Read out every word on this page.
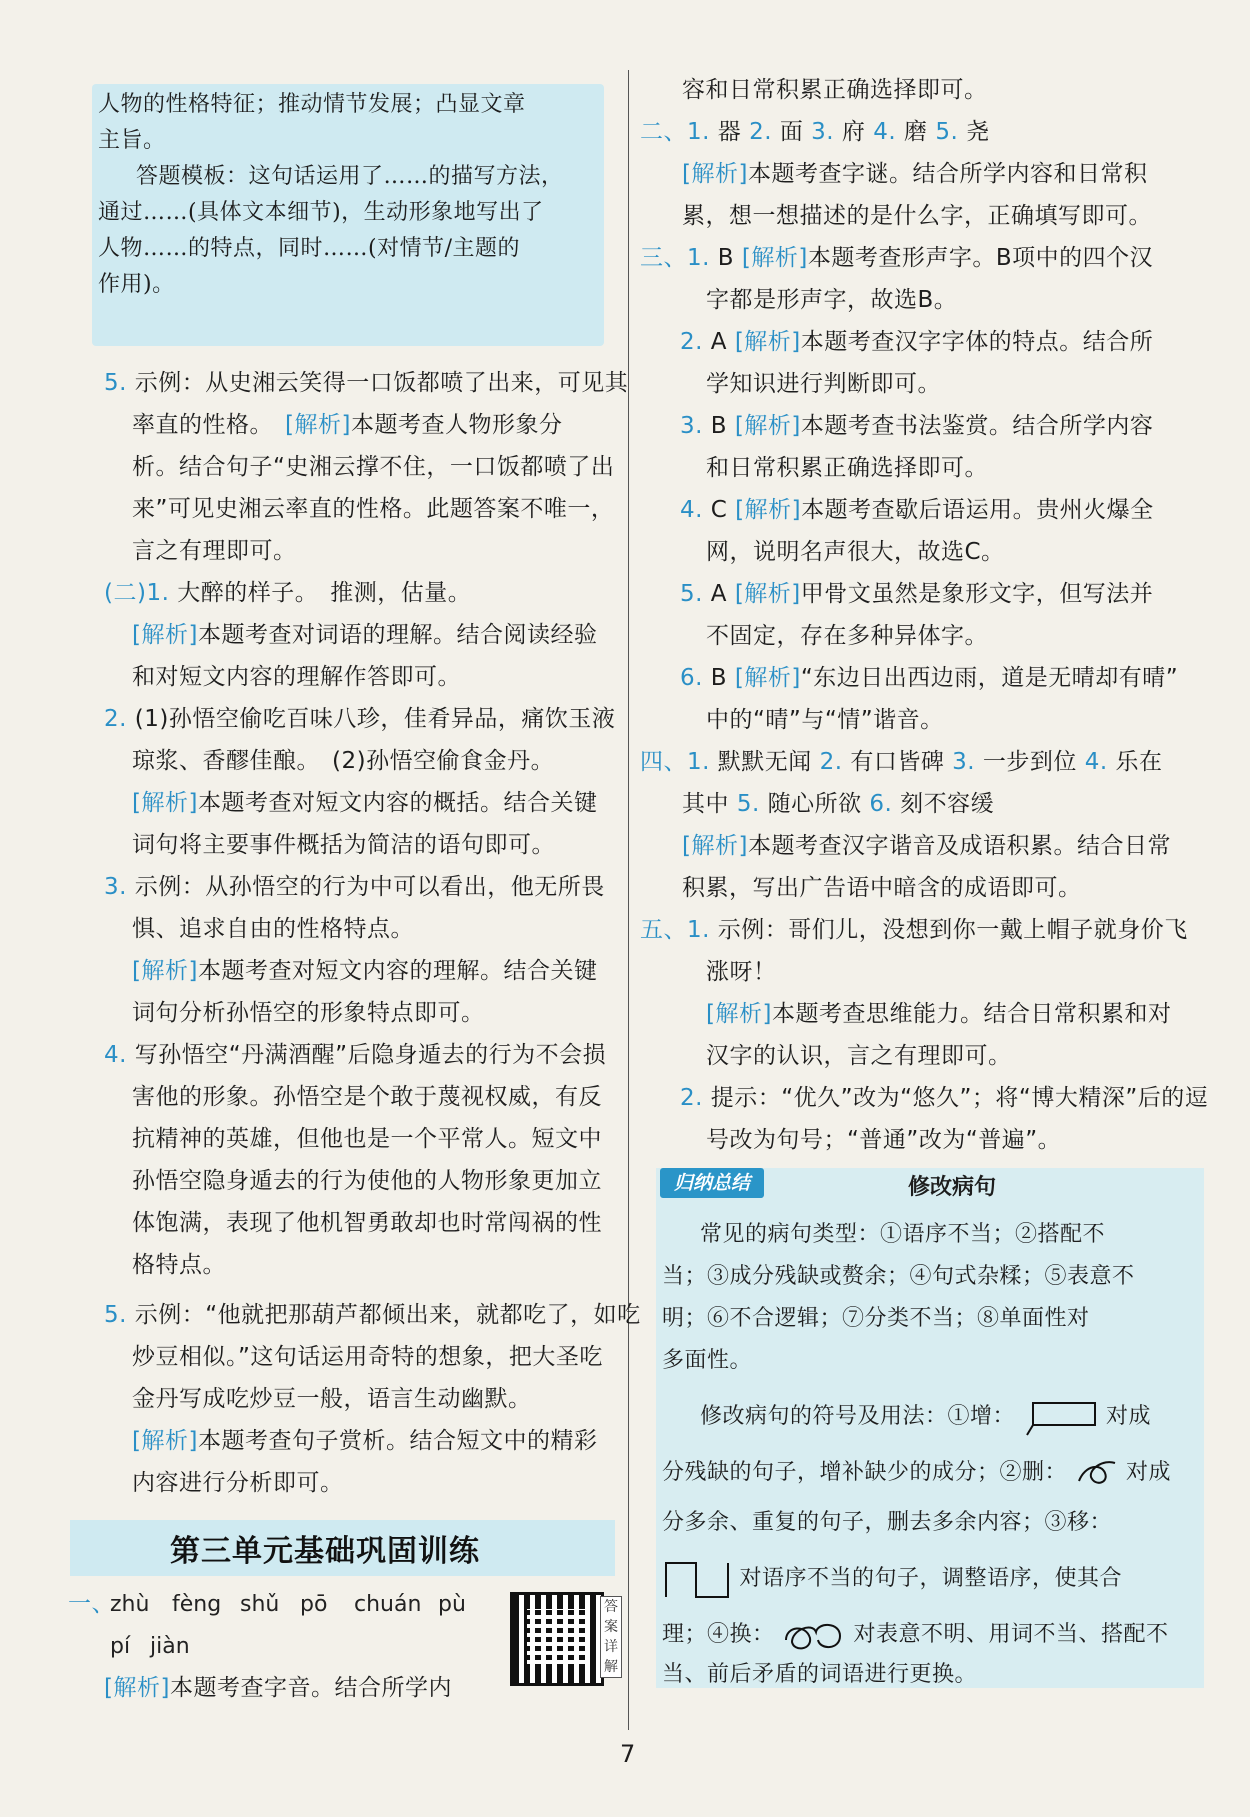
人物的性格特征；推动情节发展；凸显文章

主旨。

答题模板：这句话运用了……的描写方法，

通过……(具体文本细节)，生动形象地写出了

人物……的特点，同时……(对情节/主题的

作用)。

5. 示例：从史湘云笑得一口饭都喷了出来，可见其

率直的性格。　 [解析]本题考查人物形象分

析。结合句子“史湘云撑不住，一口饭都喷了出

来”可见史湘云率直的性格。此题答案不唯一，

言之有理即可。

(二)1. 大醉的样子。　推测，估量。

[解析]本题考查对词语的理解。结合阅读经验

和对短文内容的理解作答即可。

2. (1)孙悟空偷吃百味八珍，佳肴异品，痛饮玉液

琼浆、香醪佳酿。　(2)孙悟空偷食金丹。

[解析]本题考查对短文内容的概括。结合关键

词句将主要事件概括为简洁的语句即可。

3. 示例：从孙悟空的行为中可以看出，他无所畏

惧、追求自由的性格特点。

[解析]本题考查对短文内容的理解。结合关键

词句分析孙悟空的形象特点即可。

4. 写孙悟空“丹满酒醒”后隐身遁去的行为不会损

害他的形象。孙悟空是个敢于蔑视权威，有反

抗精神的英雄，但他也是一个平常人。短文中

孙悟空隐身遁去的行为使他的人物形象更加立

体饱满，表现了他机智勇敢却也时常闯祸的性

格特点。

5. 示例：“他就把那葫芦都倾出来，就都吃了，如吃

炒豆相似。”这句话运用奇特的想象，把大圣吃

金丹写成吃炒豆一般，语言生动幽默。

[解析]本题考查句子赏析。结合短文中的精彩

内容进行分析即可。

第三单元基础巩固训练
一、
zhù fèng shǔ pō chuán pù
pí jiàn

[解析]本题考查字音。结合所学内

答
案
详
解

容和日常积累正确选择即可。

二、1. 器 2. 面 3. 府 4. 磨 5. 尧

[解析]本题考查字谜。结合所学内容和日常积

累，想一想描述的是什么字，正确填写即可。

三、1. B [解析]本题考查形声字。B项中的四个汉

字都是形声字，故选B。

2. A [解析]本题考查汉字字体的特点。结合所

学知识进行判断即可。

3. B [解析]本题考查书法鉴赏。结合所学内容

和日常积累正确选择即可。

4. C [解析]本题考查歇后语运用。贵州火爆全

网，说明名声很大，故选C。

5. A [解析]甲骨文虽然是象形文字，但写法并

不固定，存在多种异体字。

6. B [解析]“东边日出西边雨，道是无晴却有晴”

中的“晴”与“情”谐音。

四、1. 默默无闻 2. 有口皆碑 3. 一步到位 4. 乐在

其中 5. 随心所欲 6. 刻不容缓

[解析]本题考查汉字谐音及成语积累。结合日常

积累，写出广告语中暗含的成语即可。

五、1. 示例：哥们儿，没想到你一戴上帽子就身价飞

涨呀！

[解析]本题考查思维能力。结合日常积累和对

汉字的认识，言之有理即可。

2. 提示：“优久”改为“悠久”；将“博大精深”后的逗

号改为句号；“普通”改为“普遍”。

常见的病句类型：①语序不当；②搭配不

当；③成分残缺或赘余；④句式杂糅；⑤表意不

明；⑥不合逻辑；⑦分类不当；⑧单面性对

多面性。

修改病句的符号及用法：①增：	对成

分残缺的句子，增补缺少的成分；②删：	对成

分多余、重复的句子，删去多余内容；③移：

对语序不当的句子，调整语序，使其合

理；④换：	对表意不明、用词不当、搭配不

当、前后矛盾的词语进行更换。

归纳总结	修改病句
7
